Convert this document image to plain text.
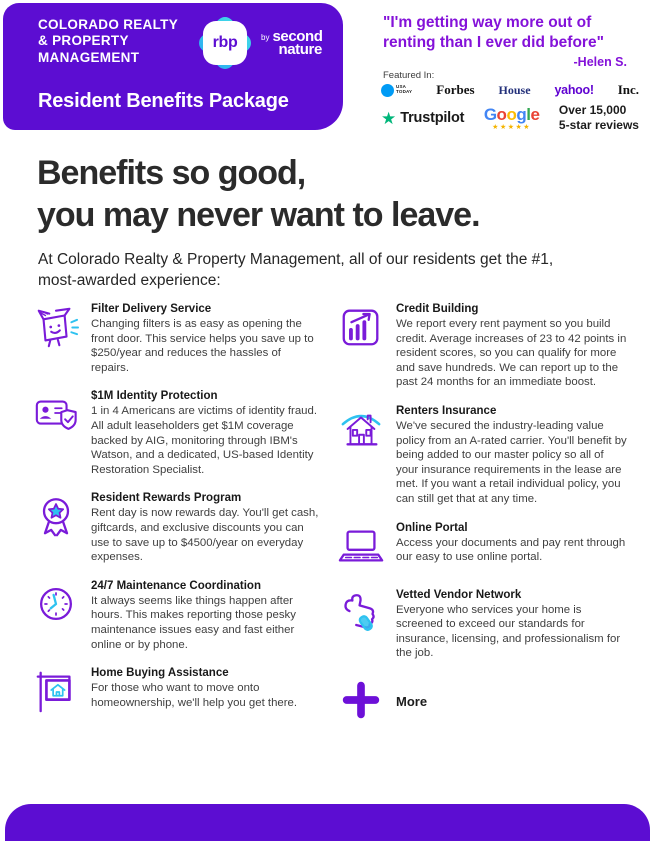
COLORADO REALTY
& PROPERTY
MANAGEMENT
rbp	by second
nature
Resident Benefits Package
"I'm getting way more out of
renting than I ever did before"
-Helen S.
Featured In:
USA
TODAY Forbes House yahoo! Inc.
★ Trustpilot Google
★★★★★
Over 15,000
5-star reviews
Benefits so good,
you may never want to leave.
At Colorado Realty & Property Management, all of our residents get the #1,
most-awarded experience:
Filter Delivery Service
Changing filters is as easy as opening the front door. This service helps you save up to $250/year and reduces the hassles of repairs.
$1M Identity Protection
1 in 4 Americans are victims of identity fraud. All adult leaseholders get $1M coverage backed by AIG, monitoring through IBM's Watson, and a dedicated, US-based Identity Restoration Specialist.
Resident Rewards Program
Rent day is now rewards day. You'll get cash, giftcards, and exclusive discounts you can use to save up to $4500/year on everyday expenses.
24/7 Maintenance Coordination
It always seems like things happen after hours. This makes reporting those pesky maintenance issues easy and fast either online or by phone.
Home Buying Assistance
For those who want to move onto homeownership, we'll help you get there.
Credit Building
We report every rent payment so you build credit. Average increases of 23 to 42 points in resident scores, so you can qualify for more and save hundreds. We can report up to the past 24 months for an immediate boost.
Renters Insurance
We've secured the industry-leading value policy from an A-rated carrier. You'll benefit by being added to our master policy so all of your insurance requirements in the lease are met. If you want a retail individual policy, you can still get that at any time.
Online Portal
Access your documents and pay rent through our easy to use online portal.
Vetted Vendor Network
Everyone who services your home is screened to exceed our standards for insurance, licensing, and professionalism for the job.
More
